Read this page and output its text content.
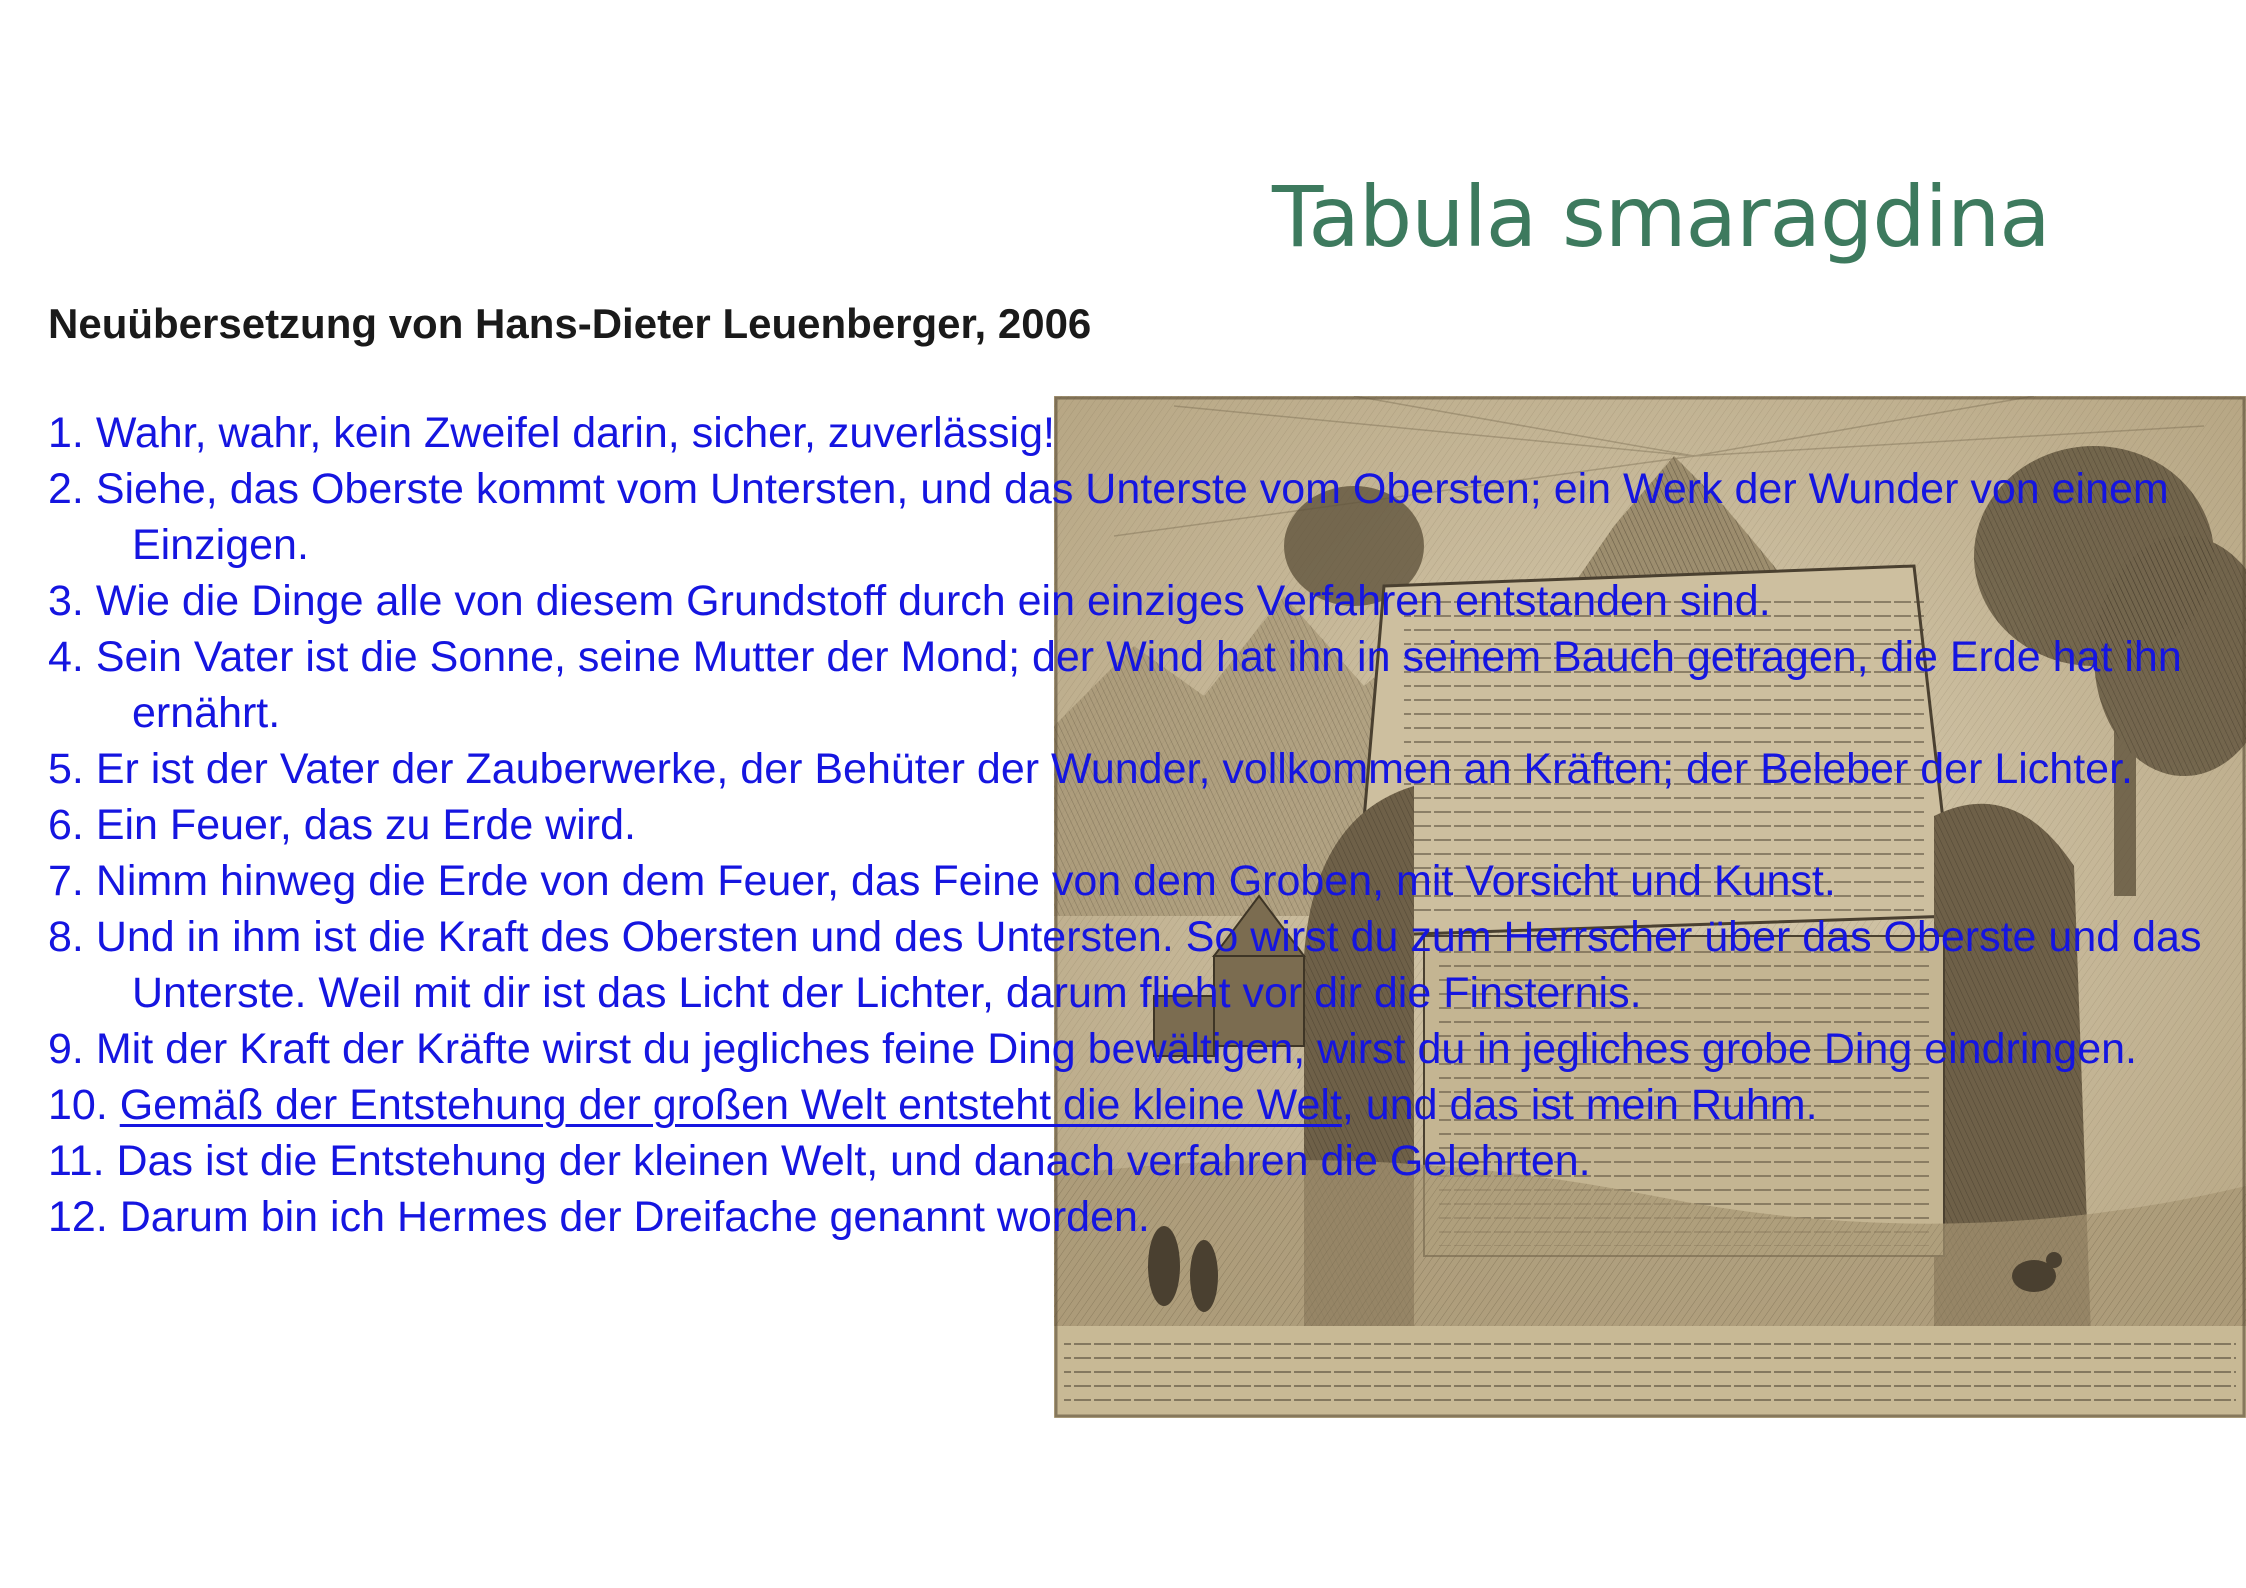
Tabula smaragdina
Neuübersetzung von Hans-Dieter Leuenberger, 2006
1. Wahr, wahr, kein Zweifel darin, sicher, zuverlässig!
2. Siehe, das Oberste kommt vom Untersten, und das Unterste vom Obersten; ein Werk der Wunder von einem Einzigen.
3. Wie die Dinge alle von diesem Grundstoff durch ein einziges Verfahren entstanden sind.
4. Sein Vater ist die Sonne, seine Mutter der Mond; der Wind hat ihn in seinem Bauch getragen, die Erde hat ihn ernährt.
5. Er ist der Vater der Zauberwerke, der Behüter der Wunder, vollkommen an Kräften; der Beleber der Lichter.
6. Ein Feuer, das zu Erde wird.
7. Nimm hinweg die Erde von dem Feuer, das Feine von dem Groben, mit Vorsicht und Kunst.
8. Und in ihm ist die Kraft des Obersten und des Untersten. So wirst du zum Herrscher über das Oberste und das Unterste. Weil mit dir ist das Licht der Lichter, darum flieht vor dir die Finsternis.
9. Mit der Kraft der Kräfte wirst du jegliches feine Ding bewältigen, wirst du in jegliches grobe Ding eindringen.
10. Gemäß der Entstehung der großen Welt entsteht die kleine Welt, und das ist mein Ruhm.
11. Das ist die Entstehung der kleinen Welt, und danach verfahren die Gelehrten.
12. Darum bin ich Hermes der Dreifache genannt worden.
